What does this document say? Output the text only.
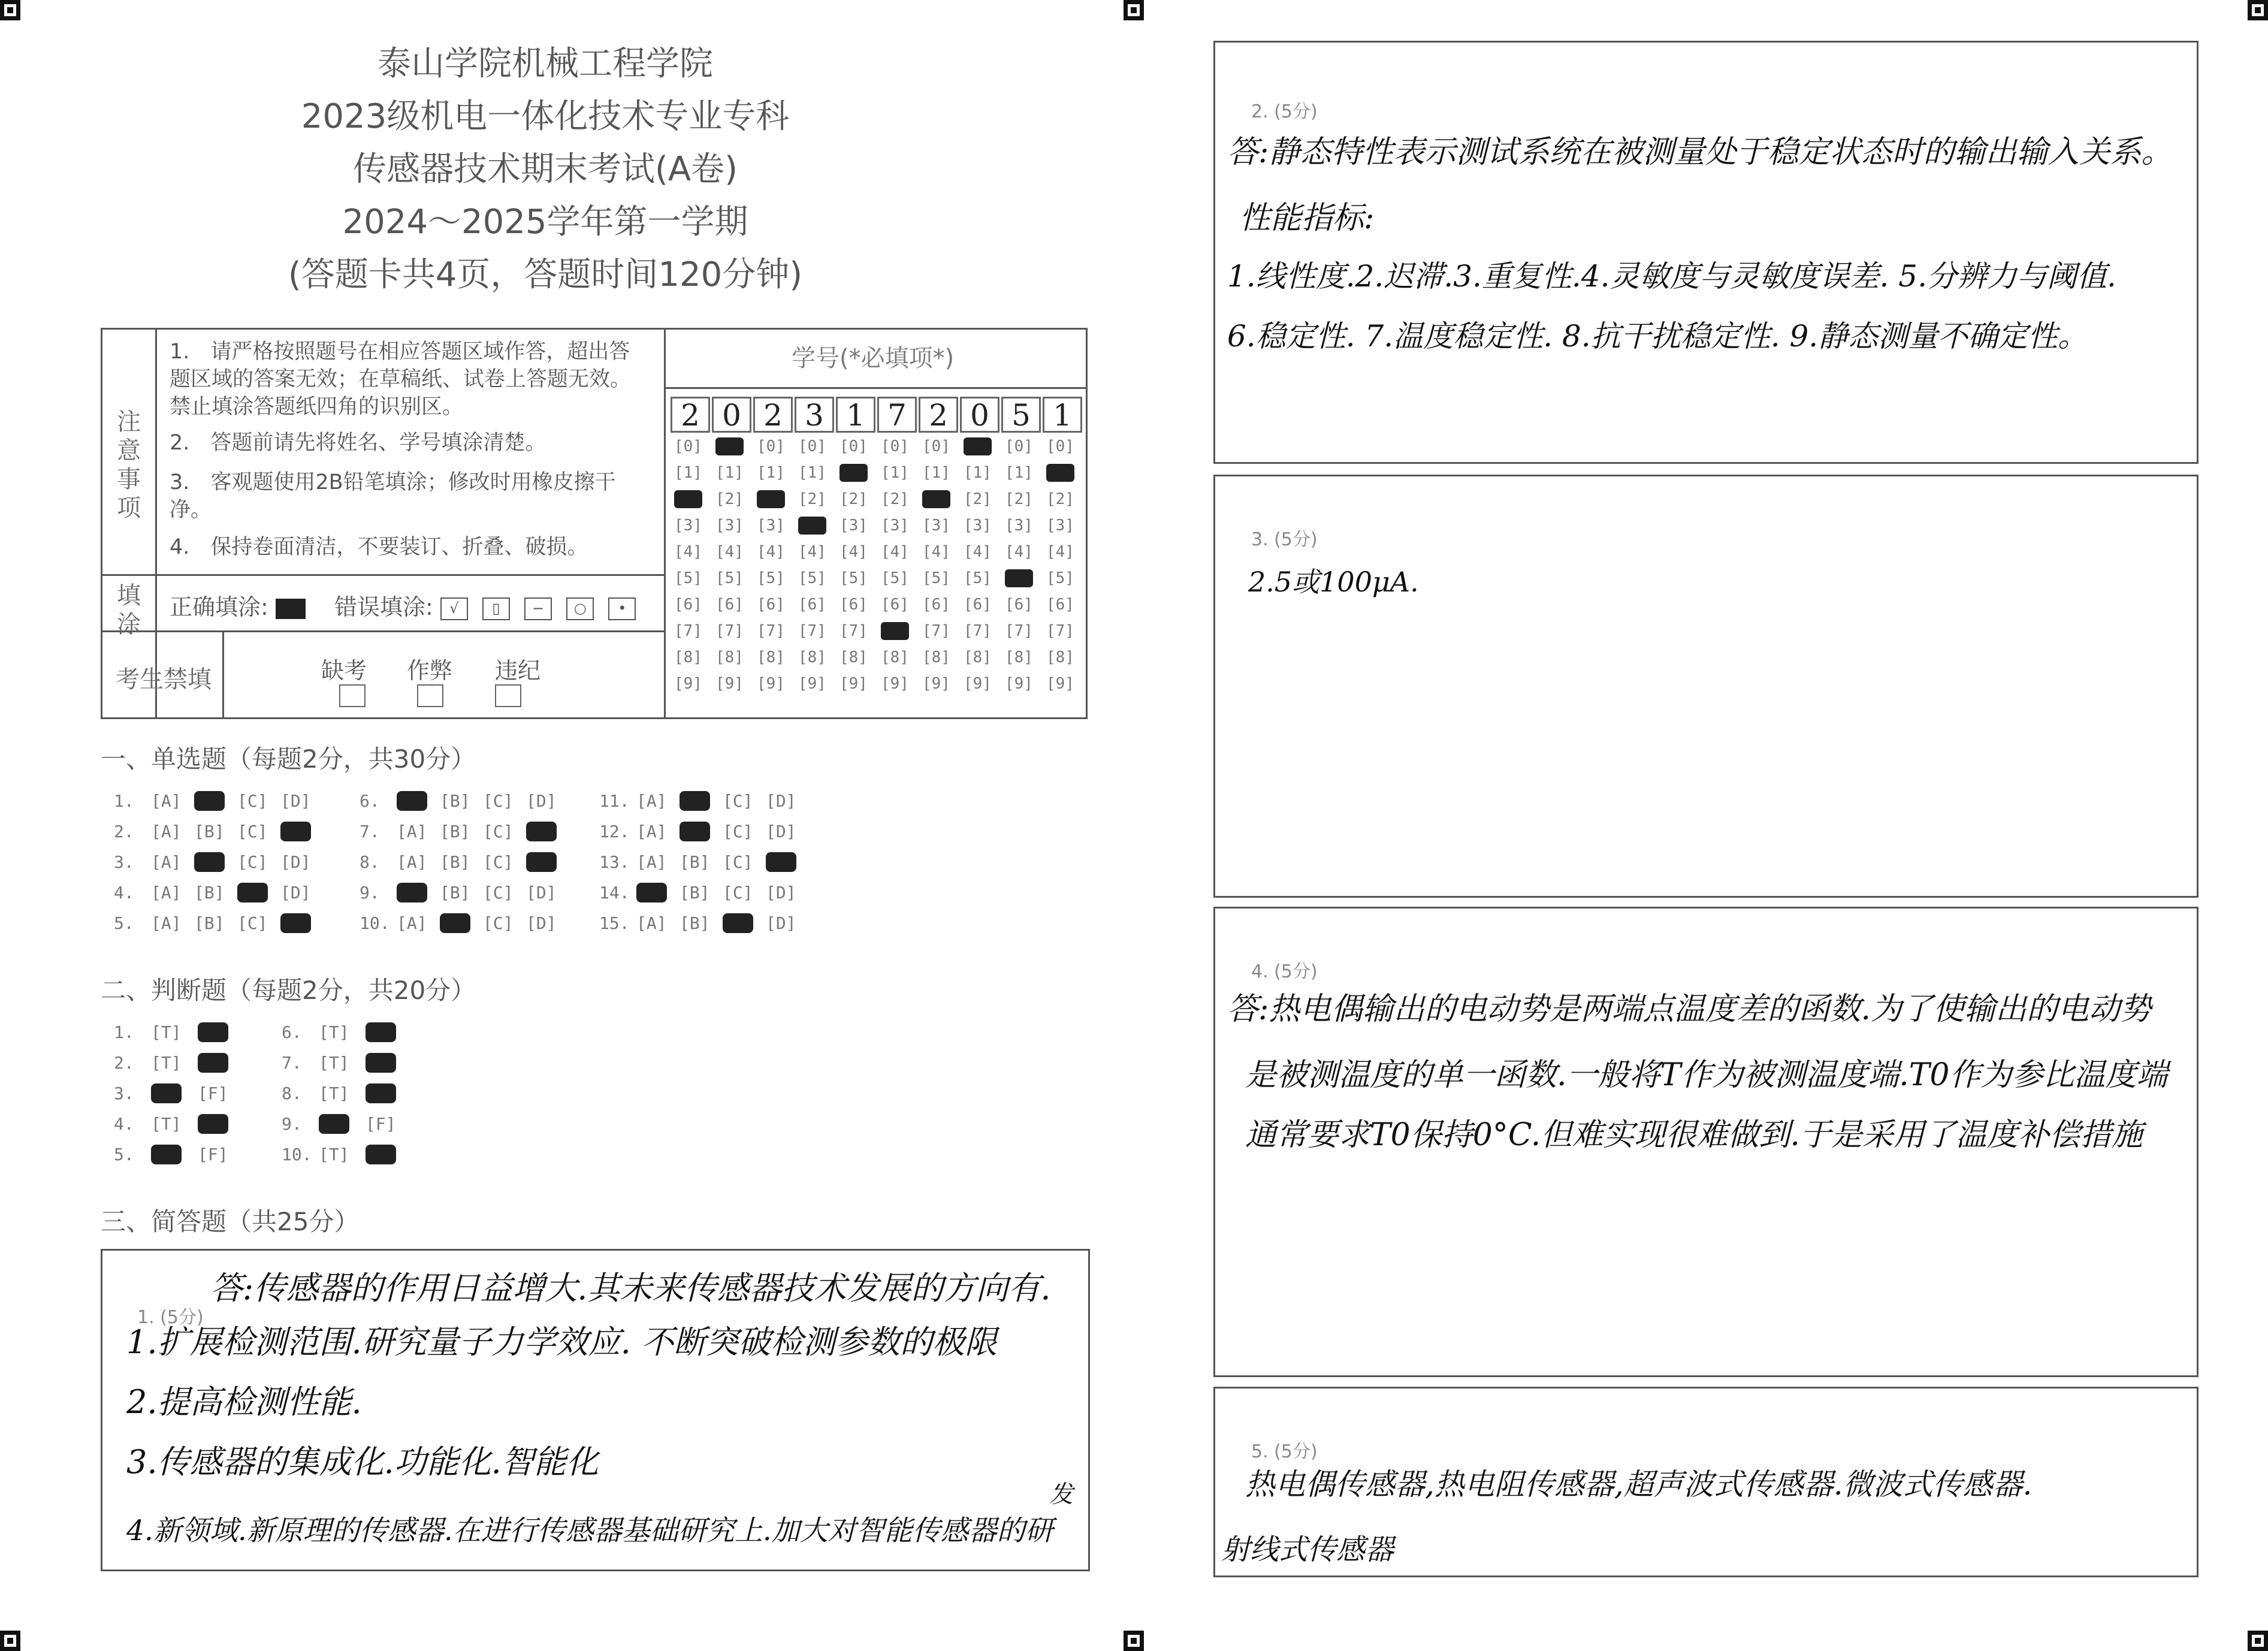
泰山学院机械工程学院
2023级机电一体化技术专业专科
传感器技术期末考试(A卷)
2024～2025学年第一学期
(答题卡共4页，答题时间120分钟)
注意事项
1.　请严格按照题号在相应答题区域作答，超出答题区域的答案无效；在草稿纸、试卷上答题无效。禁止填涂答题纸四角的识别区。
2.　答题前请先将姓名、学号填涂清楚。
3.　客观题使用2B铅笔填涂；修改时用橡皮擦干净。
4.　保持卷面清洁，不要装订、折叠、破损。
填涂
正确填涂:	错误填涂: √ ▯ − ○ •
考生禁填	缺考 作弊 违纪
学号(*必填项*)
2 0 2 3 1 7 2 0 5 1
[0]
[1]
[2]
[3]
[4]
[5]
[6]
[7]
[8]
[9]
[0]
[1]
[2]
[3]
[4]
[5]
[6]
[7]
[8]
[9]
[0]
[1]
[2]
[3]
[4]
[5]
[6]
[7]
[8]
[9]
[0]
[1]
[2]
[3]
[4]
[5]
[6]
[7]
[8]
[9]
[0]
[1]
[2]
[3]
[4]
[5]
[6]
[7]
[8]
[9]
[0]
[1]
[2]
[3]
[4]
[5]
[6]
[7]
[8]
[9]
[0]
[1]
[2]
[3]
[4]
[5]
[6]
[7]
[8]
[9]
[0]
[1]
[2]
[3]
[4]
[5]
[6]
[7]
[8]
[9]
[0]
[1]
[2]
[3]
[4]
[5]
[6]
[7]
[8]
[9]
[0]
[1]
[2]
[3]
[4]
[5]
[6]
[7]
[8]
[9]
一、单选题（每题2分，共30分）
二、判断题（每题2分，共20分）
三、简答题（共25分）
1. [A] [B] [C] [D]
2. [A] [B] [C] [D]
3. [A] [B] [C] [D]
4. [A] [B] [C] [D]
5. [A] [B] [C] [D]
6. [A] [B] [C] [D]
7. [A] [B] [C] [D]
8. [A] [B] [C] [D]
9. [A] [B] [C] [D]
10. [A] [B] [C] [D]
11. [A] [B] [C] [D]
12. [A] [B] [C] [D]
13. [A] [B] [C] [D]
14. [A] [B] [C] [D]
15. [A] [B] [C] [D]
1. [T] [F]
2. [T] [F]
3. [T] [F]
4. [T] [F]
5. [T] [F]
6. [T] [F]
7. [T] [F]
8. [T] [F]
9. [T] [F]
10. [T] [F]
1. (5分)
答:传感器的作用日益增大.其未来传感器技术发展的方向有.
1.扩展检测范围.研究量子力学效应. 不断突破检测参数的极限
2.提高检测性能.
3.传感器的集成化.功能化.智能化
4.新领域.新原理的传感器.在进行传感器基础研究上.加大对智能传感器的研
发
2. (5分)
答:静态特性表示测试系统在被测量处于稳定状态时的输出输入关系。
性能指标:
1.线性度.2.迟滞.3.重复性.4.灵敏度与灵敏度误差. 5.分辨力与阈值.
6.稳定性. 7.温度稳定性. 8.抗干扰稳定性. 9.静态测量不确定性。
3. (5分)
2.5或100μA.
4. (5分)
答:热电偶输出的电动势是两端点温度差的函数.为了使输出的电动势
是被测温度的单一函数.一般将T作为被测温度端.T0作为参比温度端
通常要求T0保持0°C.但难实现很难做到.于是采用了温度补偿措施
5. (5分)
热电偶传感器,热电阻传感器,超声波式传感器.微波式传感器.
射线式传感器
